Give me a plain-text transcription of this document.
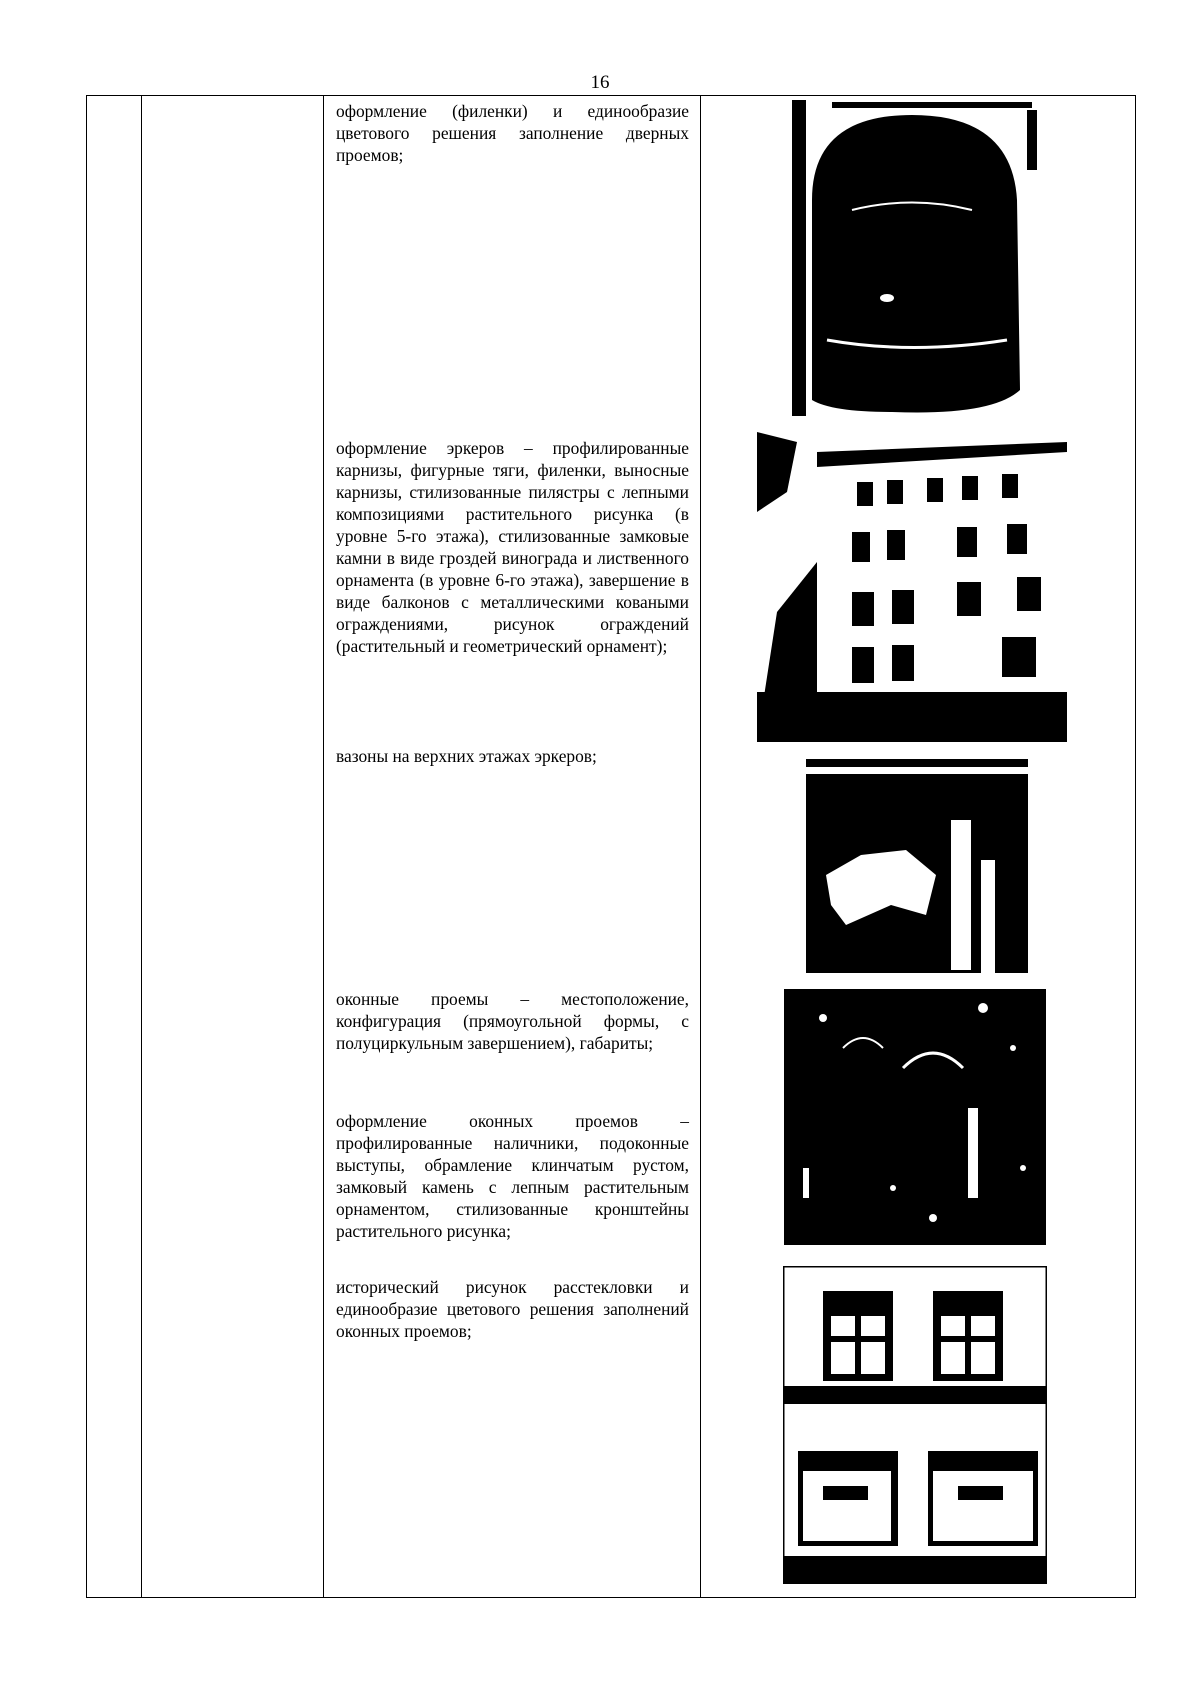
16
оформление (филенки) и единообразие цветового решения заполнение дверных проемов;
оформление эркеров – профилированные карнизы, фигурные тяги, филенки, выносные карнизы, стилизованные пилястры с лепными композициями растительного рисунка (в уровне 5-го этажа), стилизованные замковые камни в виде гроздей винограда и лиственного орнамента (в уровне 6-го этажа), завершение в виде балконов с металлическими коваными ограждениями, рисунок ограждений (растительный и геометрический орнамент);
вазоны на верхних этажах эркеров;
оконные проемы – местоположение, конфигурация (прямоугольной формы, с полуциркульным завершением), габариты;
оформление оконных проемов – профилированные наличники, подоконные выступы, обрамление клинчатым рустом, замковый камень с лепным растительным орнаментом, стилизованные кронштейны растительного рисунка;
исторический рисунок расстекловки и единообразие цветового решения заполнений оконных проемов;
